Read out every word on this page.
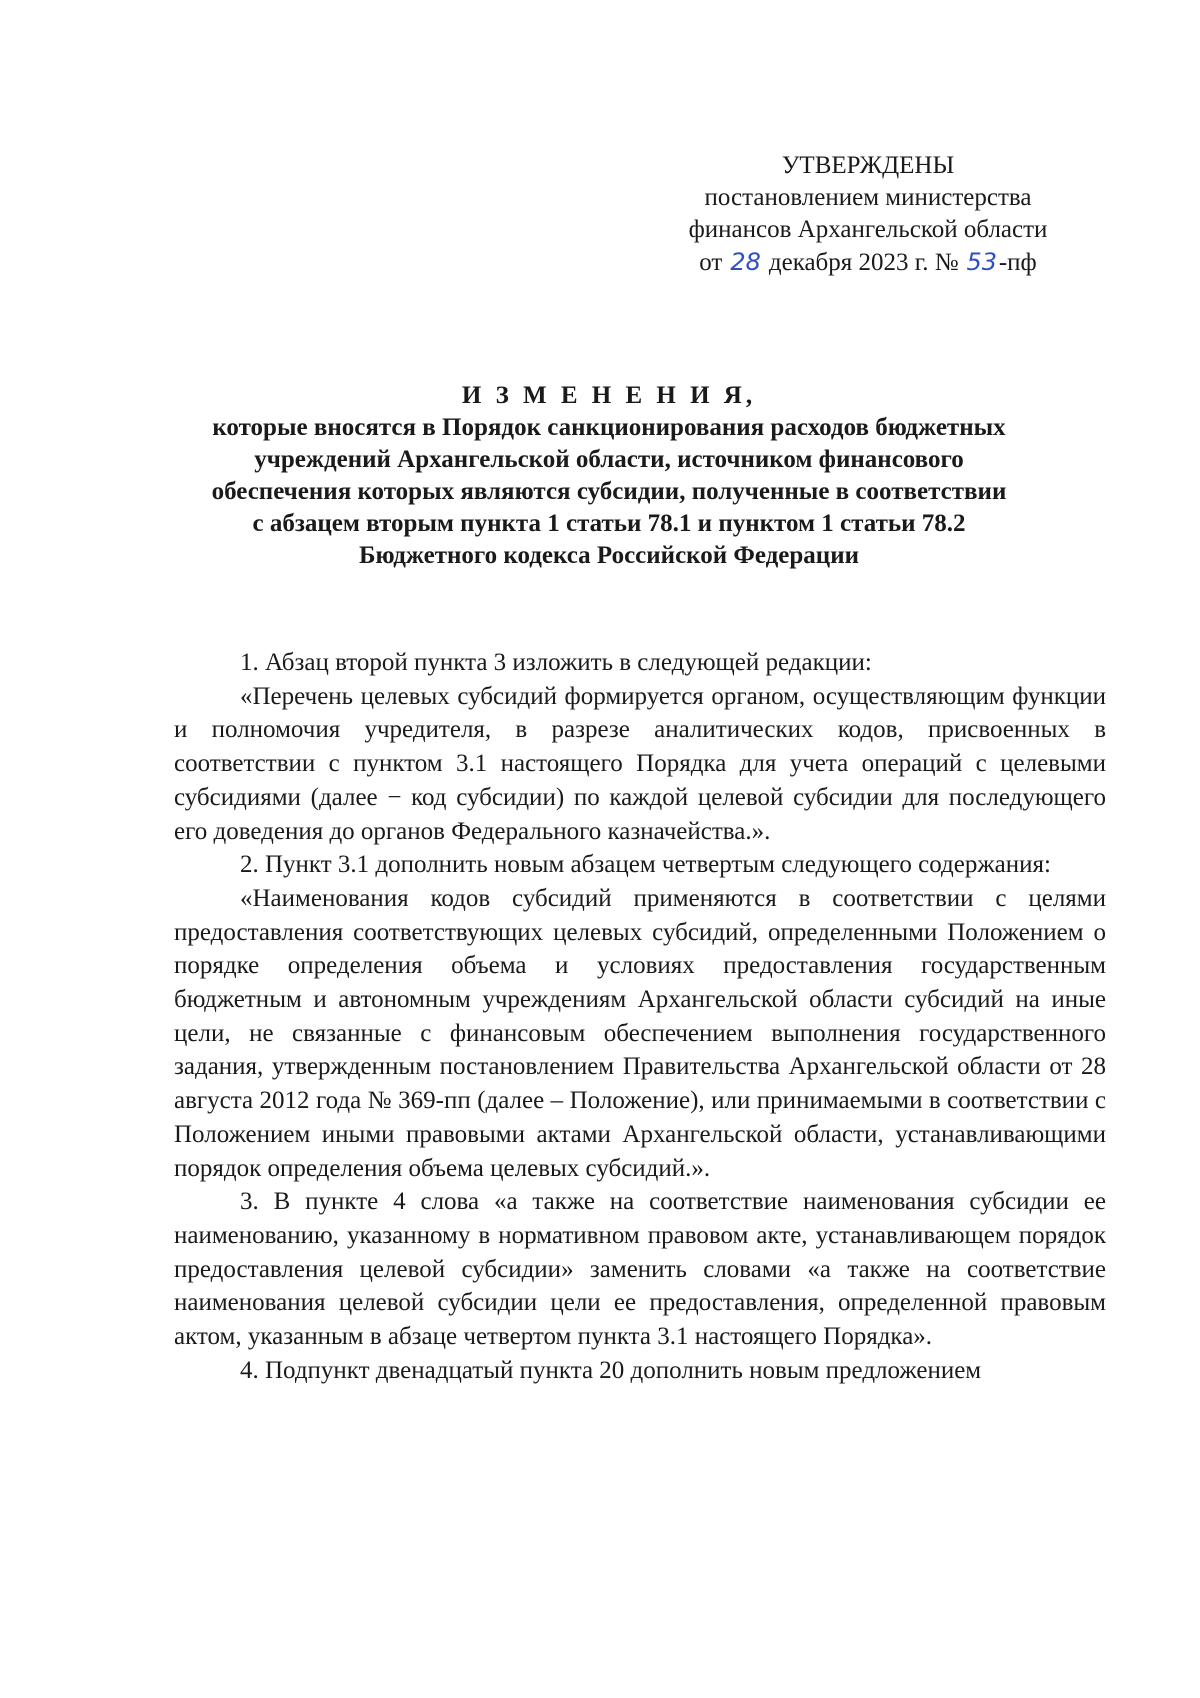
УТВЕРЖДЕНЫ
постановлением министерства
финансов Архангельской области
от 28 декабря 2023 г. № 53-пф
И З М Е Н Е Н И Я,
которые вносятся в Порядок санкционирования расходов бюджетных
учреждений Архангельской области, источником финансового
обеспечения которых являются субсидии, полученные в соответствии
с абзацем вторым пункта 1 статьи 78.1 и пунктом 1 статьи 78.2
Бюджетного кодекса Российской Федерации

1. Абзац второй пункта 3 изложить в следующей редакции:

«Перечень целевых субсидий формируется органом, осуществляющим функции и полномочия учредителя, в разрезе аналитических кодов, присвоенных в соответствии с пунктом 3.1 настоящего Порядка для учета операций с целевыми субсидиями (далее − код субсидии) по каждой целевой субсидии для последующего его доведения до органов Федерального казначейства.».

2. Пункт 3.1 дополнить новым абзацем четвертым следующего содержания:

«Наименования кодов субсидий применяются в соответствии с целями предоставления соответствующих целевых субсидий, определенными Положением о порядке определения объема и условиях предоставления государственным бюджетным и автономным учреждениям Архангельской области субсидий на иные цели, не связанные с финансовым обеспечением выполнения государственного задания, утвержденным постановлением Правительства Архангельской области от 28 августа 2012 года № 369-пп (далее – Положение), или принимаемыми в соответствии с Положением иными правовыми актами Архангельской области, устанавливающими порядок определения объема целевых субсидий.».

3. В пункте 4 слова «а также на соответствие наименования субсидии ее наименованию, указанному в нормативном правовом акте, устанавливающем порядок предоставления целевой субсидии» заменить словами «а также на соответствие наименования целевой субсидии цели ее предоставления, определенной правовым актом, указанным в абзаце четвертом пункта 3.1 настоящего Порядка».

4. Подпункт двенадцатый пункта 20 дополнить новым предложением
